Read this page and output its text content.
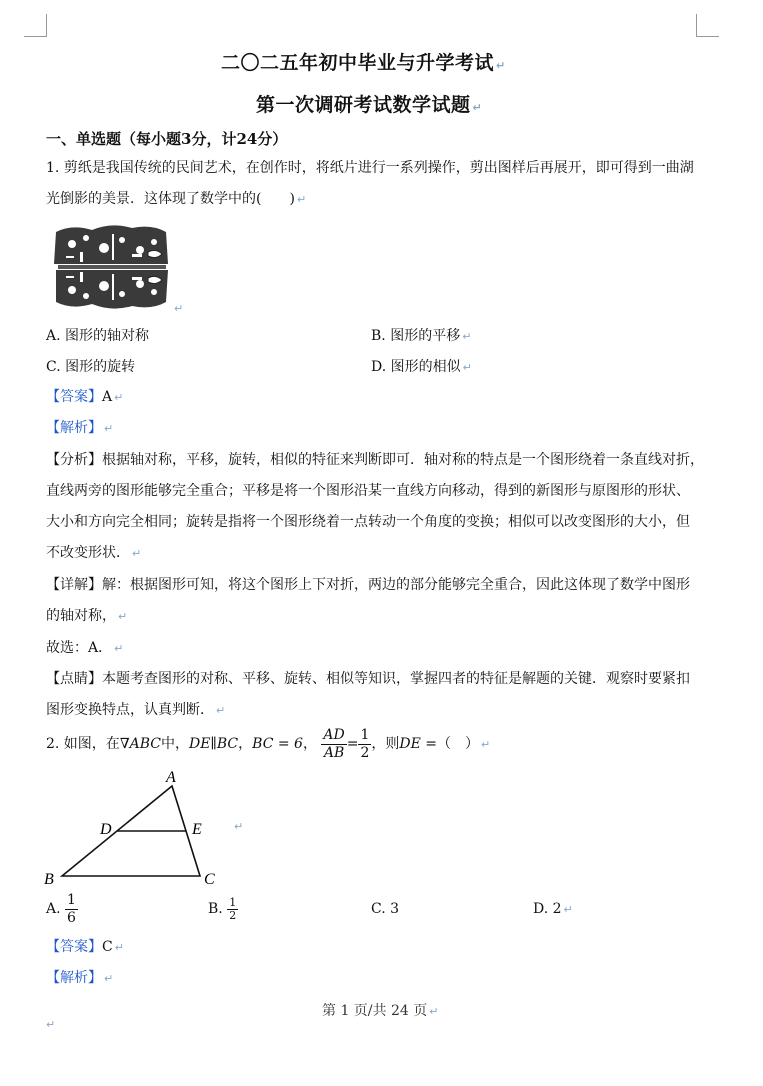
二〇二五年初中毕业与升学考试 ↵
第一次调研考试数学试题 ↵
一、单选题（每小题3分，计24分）
1. 剪纸是我国传统的民间艺术，在创作时，将纸片进行一系列操作，剪出图样后再展开，即可得到一曲湖
光倒影的美景．这体现了数学中的(　　) ↵
↵
A. 图形的轴对称	B. 图形的平移 ↵
C. 图形的旋转	D. 图形的相似 ↵
【答案】A ↵
【解析】 ↵
【分析】根据轴对称，平移，旋转，相似的特征来判断即可．轴对称的特点是一个图形绕着一条直线对折，
直线两旁的图形能够完全重合；平移是将一个图形沿某一直线方向移动，得到的新图形与原图形的形状、
大小和方向完全相同；旋转是指将一个图形绕着一点转动一个角度的变换；相似可以改变图形的大小，但
不改变形状． ↵
【详解】解：根据图形可知，将这个图形上下对折，两边的部分能够完全重合，因此这体现了数学中图形
的轴对称， ↵
故选：A． ↵
【点睛】本题考查图形的对称、平移、旋转、相似等知识，掌握四者的特征是解题的关键．观察时要紧扣
图形变换特点，认真判断． ↵
2. 如图，在∇ABC中，DE∥BC，BC = 6， $\frac{AD}{AB} = \frac{1}{2}$ ，则DE =（　） ↵
A
B	C
D	E	↵
A. $\frac{1}{6}$	B. $\frac{1}{2}$	C. 3	D. 2 ↵
【答案】C ↵
【解析】 ↵
第 1 页/共 24 页 ↵
↵
